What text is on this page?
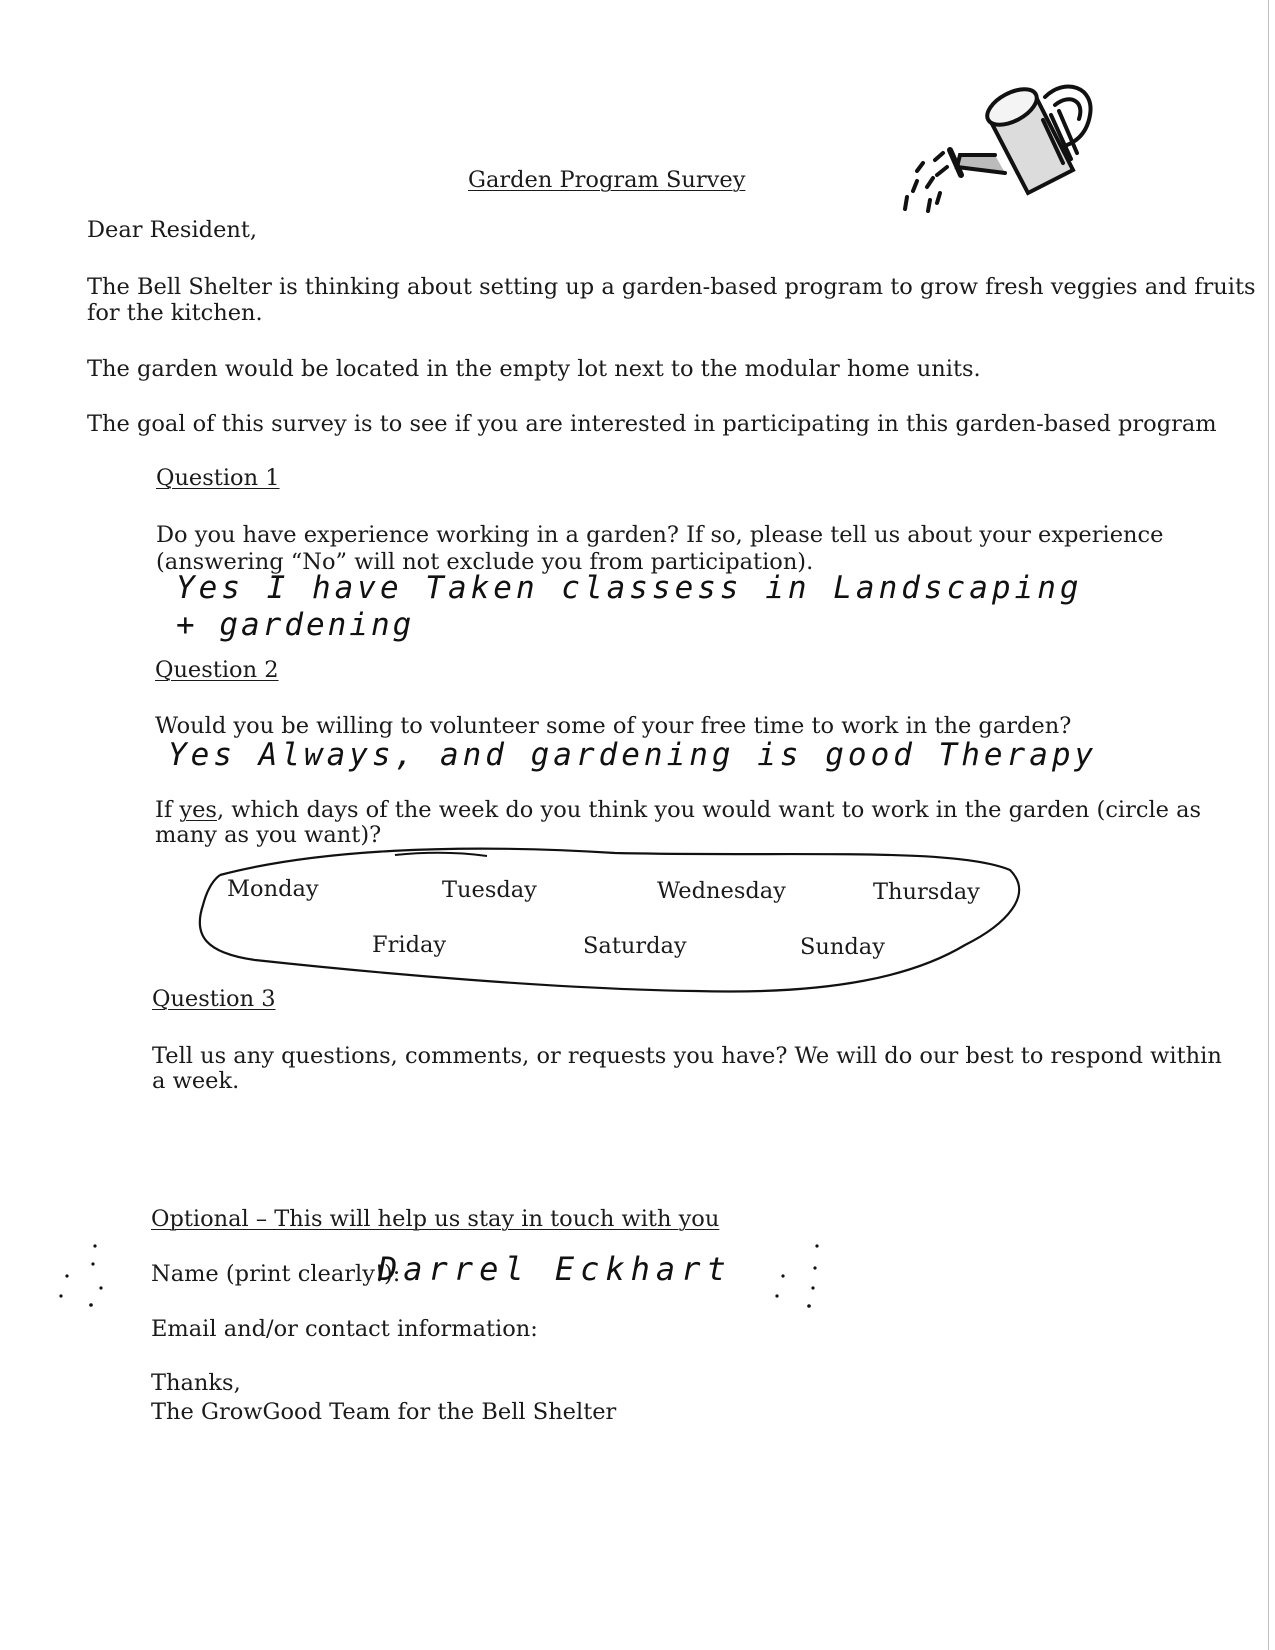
Garden Program Survey
Dear Resident,
The Bell Shelter is thinking about setting up a garden-based program to grow fresh veggies and fruits
for the kitchen.
The garden would be located in the empty lot next to the modular home units.
The goal of this survey is to see if you are interested in participating in this garden-based program
Question 1
Do you have experience working in a garden? If so, please tell us about your experience
(answering “No” will not exclude you from participation).
Yes I have Taken classess in Landscaping
+ gardening
Question 2
Would you be willing to volunteer some of your free time to work in the garden?
Yes Always, and gardening is good Therapy
If yes, which days of the week do you think you would want to work in the garden (circle as
many as you want)?
Monday	Tuesday	Wednesday	Thursday
Friday	Saturday	Sunday
Question 3
Tell us any questions, comments, or requests you have? We will do our best to respond within
a week.
Optional – This will help us stay in touch with you
Name (print clearly!):
Darrel Eckhart
Email and/or contact information:
Thanks,
The GrowGood Team for the Bell Shelter
